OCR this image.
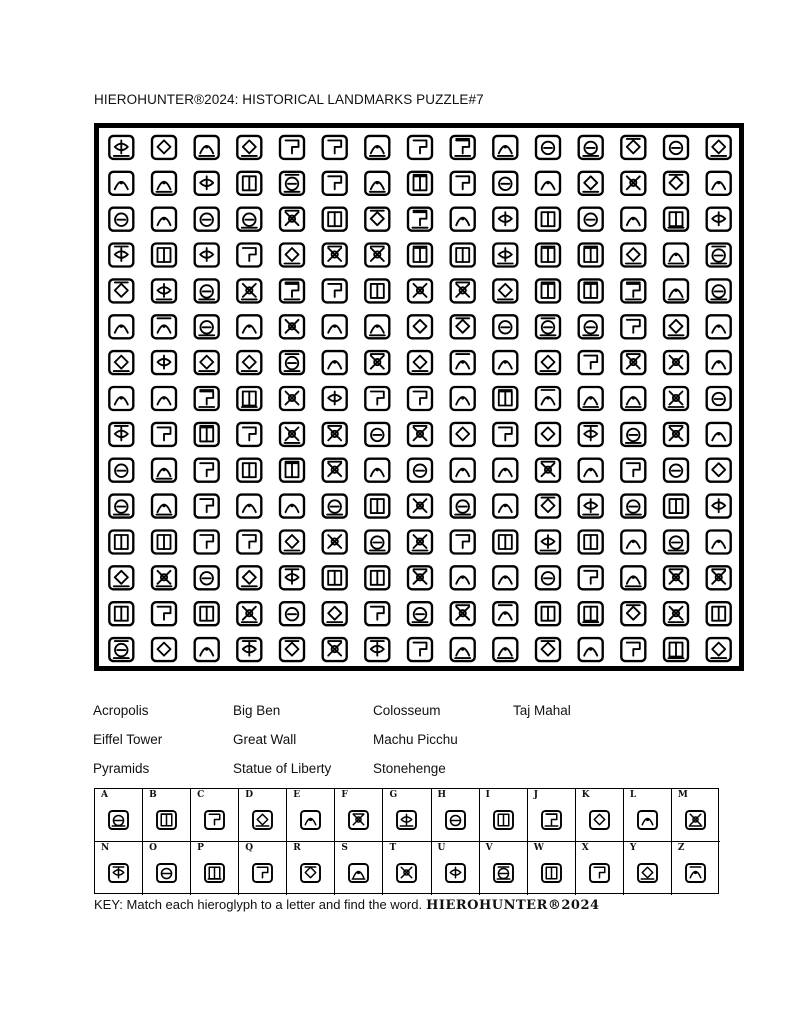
HIEROHUNTER®2024: HISTORICAL LANDMARKS PUZZLE#7
Acropolis	Big Ben	Colosseum	Taj Mahal
Eiffel Tower	Great Wall	Machu Picchu
Pyramids	Statue of Liberty	Stonehenge
A	B	C	D	E	F	G	H	I	J	K	L	M
N	O	P	Q	R	S	T	U	V	W	X	Y	Z
KEY: Match each hieroglyph to a letter and find the word. HIEROHUNTER®2024
